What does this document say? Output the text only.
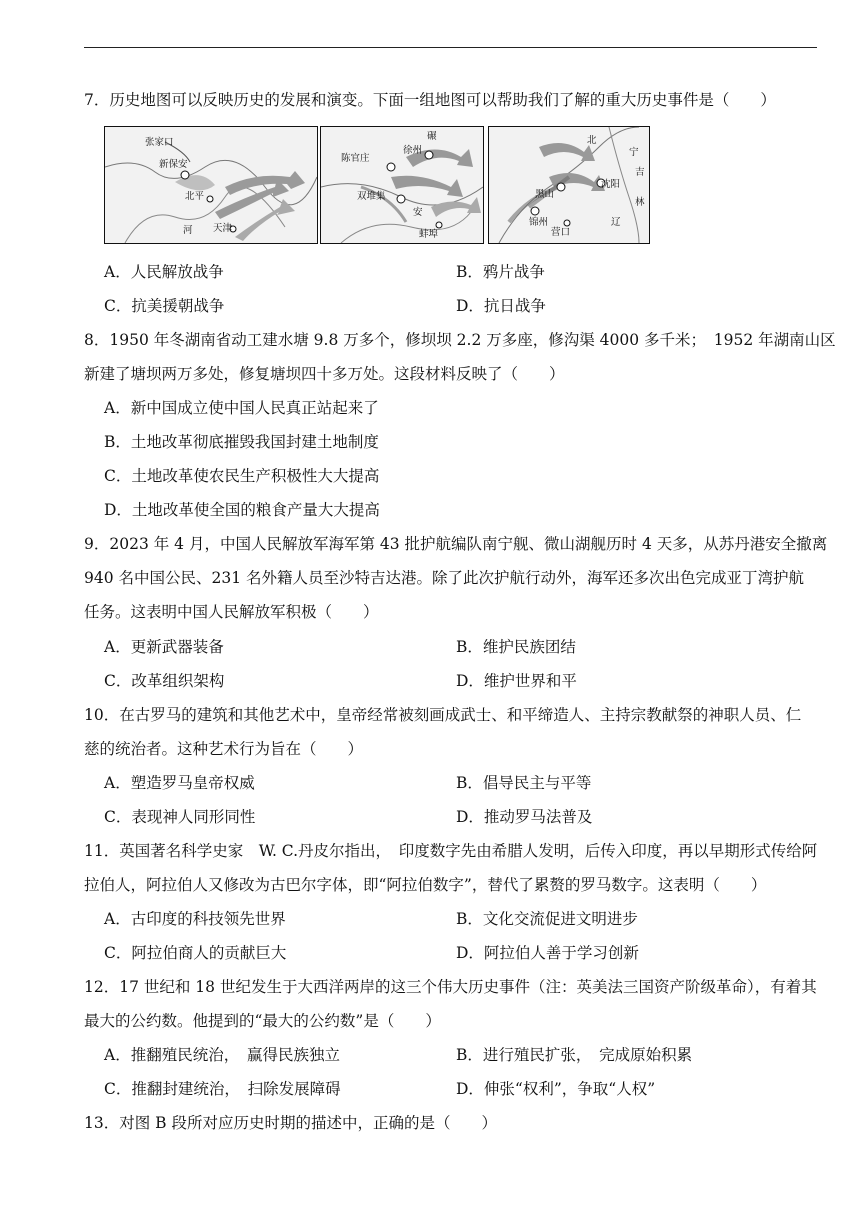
7．历史地图可以反映历史的发展和演变。下面一组地图可以帮助我们了解的重大历史事件是（　　）
张家口
新保安
北平
天津
河
碾
徐州
陈官庄
双堆集
安
蚌埠
北
沈阳
锦州
营口
黑山
辽
宁
吉
林
A．人民解放战争	B．鸦片战争
C．抗美援朝战争	D．抗日战争
8．1950 年冬湖南省动工建水塘 9.8 万多个，修坝坝 2.2 万多座，修沟渠 4000 多千米；　1952 年湖南山区
新建了塘坝两万多处，修复塘坝四十多万处。这段材料反映了（　　）
A．新中国成立使中国人民真正站起来了
B．土地改革彻底摧毁我国封建土地制度
C．土地改革使农民生产积极性大大提高
D．土地改革使全国的粮食产量大大提高
9．2023 年 4 月，中国人民解放军海军第 43 批护航编队南宁舰、微山湖舰历时 4 天多，从苏丹港安全撤离
940 名中国公民、231 名外籍人员至沙特吉达港。除了此次护航行动外，海军还多次出色完成亚丁湾护航
任务。这表明中国人民解放军积极（　　）
A．更新武器装备	B．维护民族团结
C．改革组织架构	D．维护世界和平
10．在古罗马的建筑和其他艺术中，皇帝经常被刻画成武士、和平缔造人、主持宗教献祭的神职人员、仁
慈的统治者。这种艺术行为旨在（　　）
A．塑造罗马皇帝权威	B．倡导民主与平等
C．表现神人同形同性	D．推动罗马法普及
11．英国著名科学史家　W. C.丹皮尔指出，　印度数字先由希腊人发明，后传入印度，再以早期形式传给阿
拉伯人，阿拉伯人又修改为古巴尔字体，即“阿拉伯数字”，替代了累赘的罗马数字。这表明（　　）
A．古印度的科技领先世界	B．文化交流促进文明进步
C．阿拉伯商人的贡献巨大	D．阿拉伯人善于学习创新
12．17 世纪和 18 世纪发生于大西洋两岸的这三个伟大历史事件（注：英美法三国资产阶级革命），有着其
最大的公约数。他提到的“最大的公约数”是（　　）
A．推翻殖民统治，　赢得民族独立	B．进行殖民扩张，　完成原始积累
C．推翻封建统治，　扫除发展障碍	D．伸张“权利”，争取“人权”
13．对图 B 段所对应历史时期的描述中，正确的是（　　）
